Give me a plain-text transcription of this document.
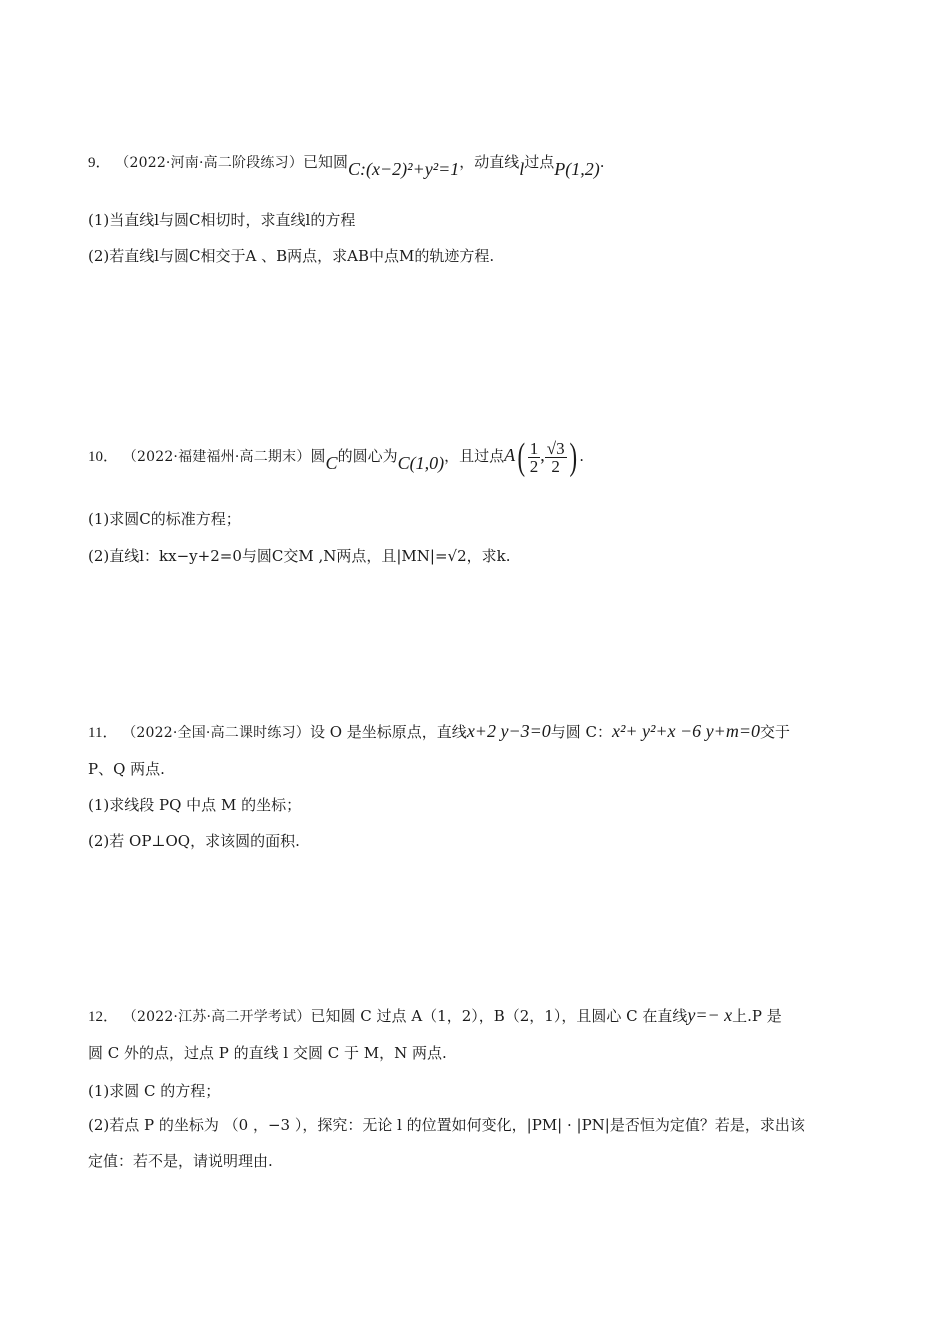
9． （2022·河南·高二阶段练习）已知圆C:(x−2)²+y²=1，动直线l过点P(1,2).
(1)当直线l与圆C相切时，求直线l的方程
(2)若直线l与圆C相交于A 、B两点，求AB中点M的轨迹方程.
10． （2022·福建福州·高二期末）圆C的圆心为C(1,0)，且过点$A( \frac{1}{2}$ , $\frac{√3}{2}$ ) .
(1)求圆C的标准方程；
(2)直线l：kx−y+2=0与圆C交M ,N两点，且|MN|=√2，求k.
11． （2022·全国·高二课时练习）设 O 是坐标原点，直线x+2 y−3=0与圆 C：x²+ y²+x −6 y+m=0交于
P、Q 两点.
(1)求线段 PQ 中点 M 的坐标；
(2)若 OP⊥OQ，求该圆的面积.
12． （2022·江苏·高二开学考试）已知圆 C 过点 A（1，2），B（2，1），且圆心 C 在直线y=− x上.P 是
圆 C 外的点，过点 P 的直线 l 交圆 C 于 M，N 两点.
(1)求圆 C 的方程；
(2)若点 P 的坐标为 （0 ，−3 ），探究：无论 l 的位置如何变化，|PM| · |PN|是否恒为定值？若是，求出该
定值：若不是，请说明理由.
